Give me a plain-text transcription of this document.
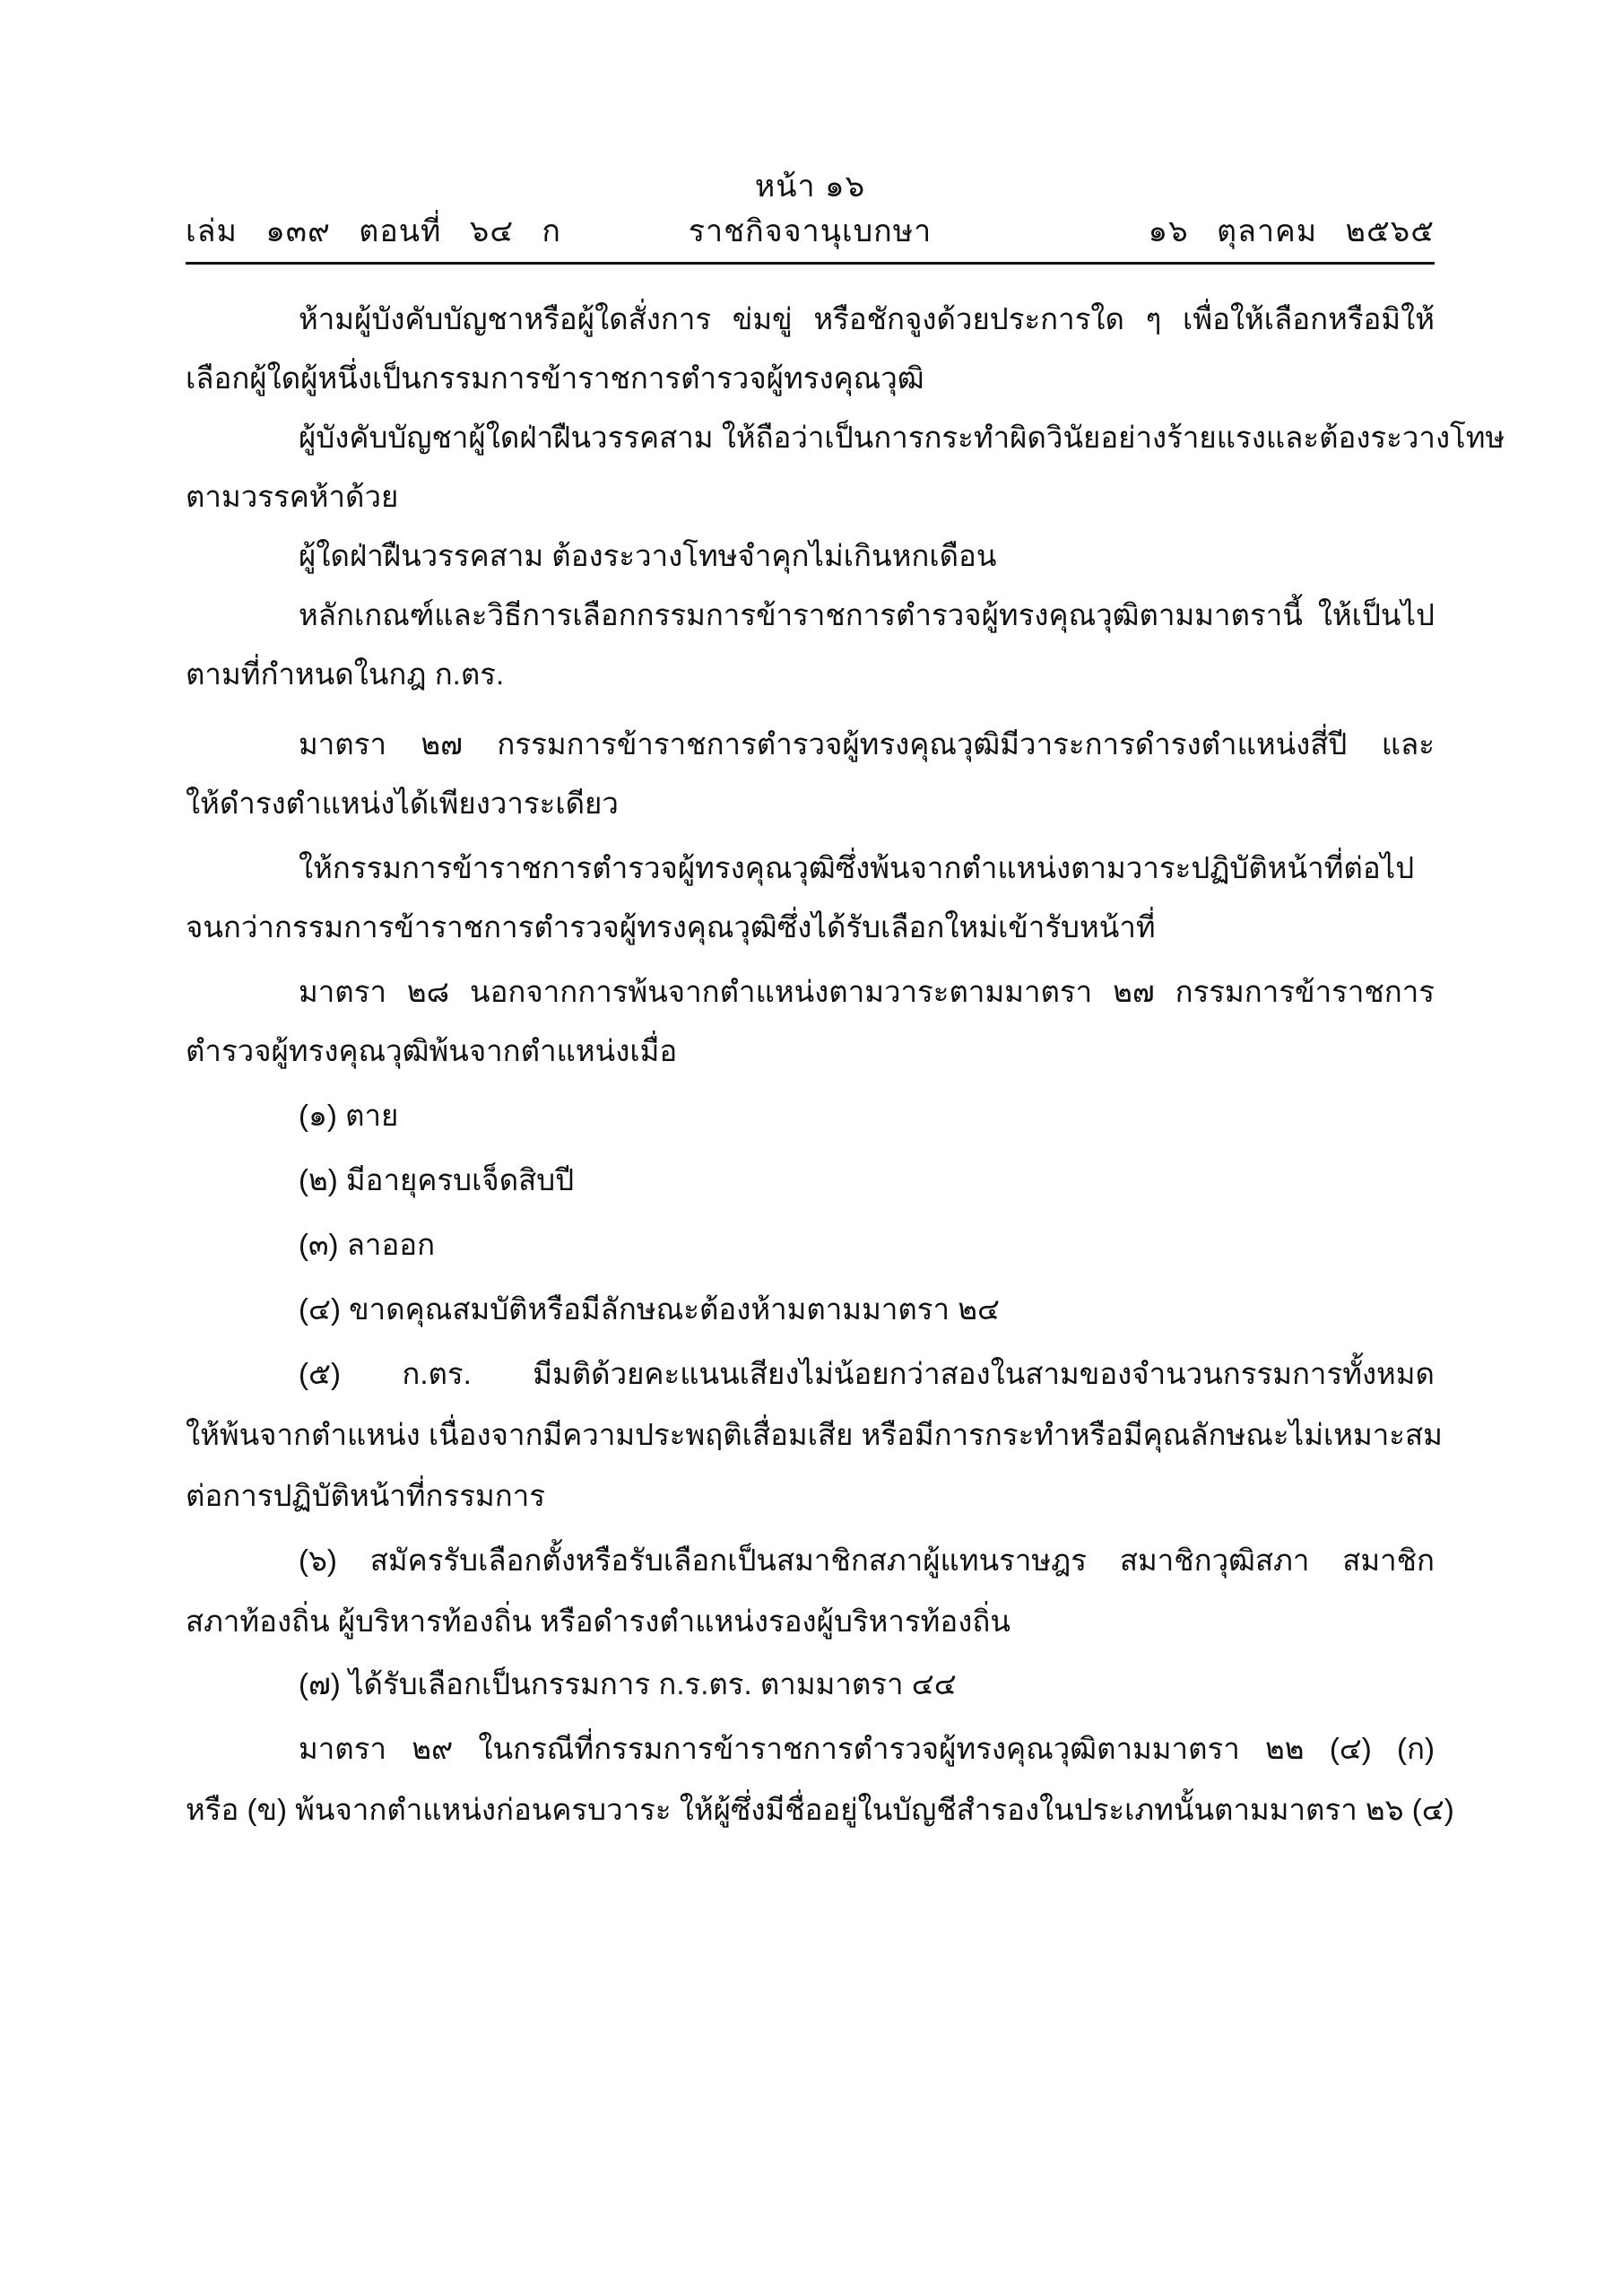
หน้า ๑๖
เล่ม   ๑๓๙   ตอนที่   ๖๔   ก	ราชกิจจานุเบกษา	๑๖   ตุลาคม   ๒๕๖๕
ห้ามผู้บังคับบัญชาหรือผู้ใดสั่งการ ข่มขู่ หรือชักจูงด้วยประการใด ๆ เพื่อให้เลือกหรือมิให้
เลือกผู้ใดผู้หนึ่งเป็นกรรมการข้าราชการตำรวจผู้ทรงคุณวุฒิ
ผู้บังคับบัญชาผู้ใดฝ่าฝืนวรรคสาม ให้ถือว่าเป็นการกระทำผิดวินัยอย่างร้ายแรงและต้องระวางโทษ
ตามวรรคห้าด้วย
ผู้ใดฝ่าฝืนวรรคสาม ต้องระวางโทษจำคุกไม่เกินหกเดือน
หลักเกณฑ์และวิธีการเลือกกรรมการข้าราชการตำรวจผู้ทรงคุณวุฒิตามมาตรานี้ ให้เป็นไป
ตามที่กำหนดในกฎ ก.ตร.
มาตรา ๒๗ กรรมการข้าราชการตำรวจผู้ทรงคุณวุฒิมีวาระการดำรงตำแหน่งสี่ปี และ
ให้ดำรงตำแหน่งได้เพียงวาระเดียว
ให้กรรมการข้าราชการตำรวจผู้ทรงคุณวุฒิซึ่งพ้นจากตำแหน่งตามวาระปฏิบัติหน้าที่ต่อไป
จนกว่ากรรมการข้าราชการตำรวจผู้ทรงคุณวุฒิซึ่งได้รับเลือกใหม่เข้ารับหน้าที่
มาตรา ๒๘ นอกจากการพ้นจากตำแหน่งตามวาระตามมาตรา ๒๗ กรรมการข้าราชการ
ตำรวจผู้ทรงคุณวุฒิพ้นจากตำแหน่งเมื่อ
(๑) ตาย
(๒) มีอายุครบเจ็ดสิบปี
(๓) ลาออก
(๔) ขาดคุณสมบัติหรือมีลักษณะต้องห้ามตามมาตรา ๒๔
(๕) ก.ตร. มีมติด้วยคะแนนเสียงไม่น้อยกว่าสองในสามของจำนวนกรรมการทั้งหมด
ให้พ้นจากตำแหน่ง เนื่องจากมีความประพฤติเสื่อมเสีย หรือมีการกระทำหรือมีคุณลักษณะไม่เหมาะสม
ต่อการปฏิบัติหน้าที่กรรมการ
(๖) สมัครรับเลือกตั้งหรือรับเลือกเป็นสมาชิกสภาผู้แทนราษฎร สมาชิกวุฒิสภา สมาชิก
สภาท้องถิ่น ผู้บริหารท้องถิ่น หรือดำรงตำแหน่งรองผู้บริหารท้องถิ่น
(๗) ได้รับเลือกเป็นกรรมการ ก.ร.ตร. ตามมาตรา ๔๔
มาตรา ๒๙ ในกรณีที่กรรมการข้าราชการตำรวจผู้ทรงคุณวุฒิตามมาตรา ๒๒ (๔) (ก)
หรือ (ข) พ้นจากตำแหน่งก่อนครบวาระ ให้ผู้ซึ่งมีชื่ออยู่ในบัญชีสำรองในประเภทนั้นตามมาตรา ๒๖ (๔)
